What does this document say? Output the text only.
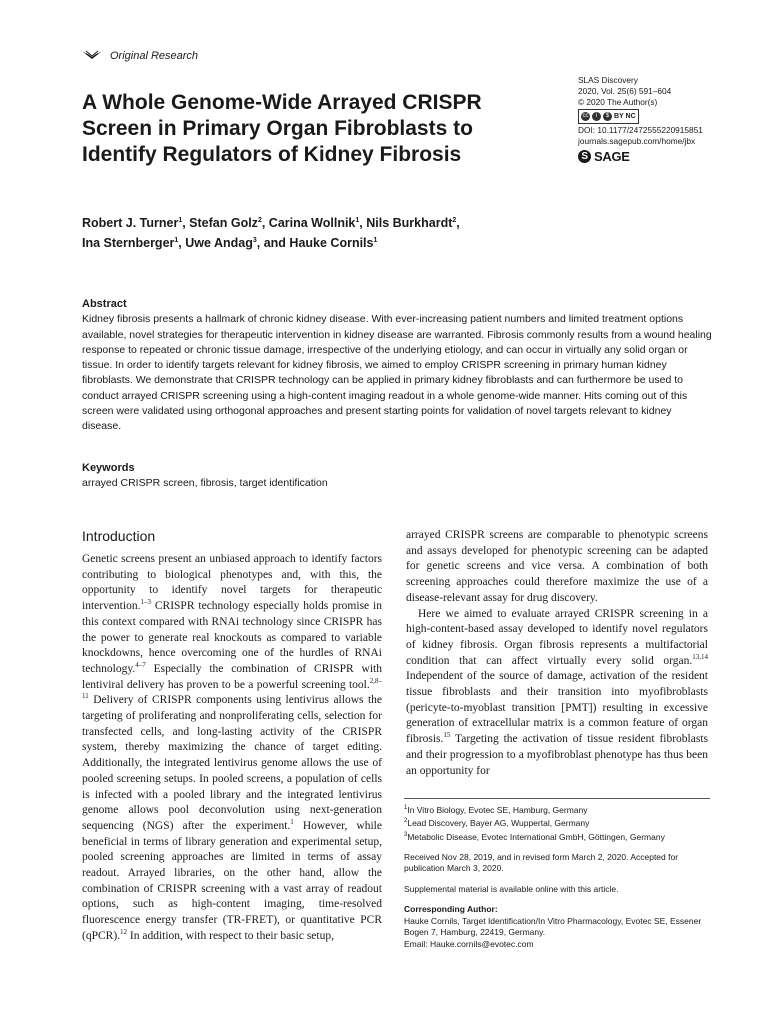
Original Research
A Whole Genome-Wide Arrayed CRISPR Screen in Primary Organ Fibroblasts to Identify Regulators of Kidney Fibrosis
SLAS Discovery
2020, Vol. 25(6) 591–604
© 2020 The Author(s)
cc	i	$ BY NC
DOI: 10.1177/2472555220915851
journals.sagepub.com/home/jbx
S SAGE
Robert J. Turner$^1$, Stefan Golz$^2$, Carina Wollnik$^1$, Nils Burkhardt$^2$,
Ina Sternberger$^1$, Uwe Andag$^3$, and Hauke Cornils$^1$
Abstract
Kidney fibrosis presents a hallmark of chronic kidney disease. With ever-increasing patient numbers and limited treatment options available, novel strategies for therapeutic intervention in kidney disease are warranted. Fibrosis commonly results from a wound healing response to repeated or chronic tissue damage, irrespective of the underlying etiology, and can occur in virtually any solid organ or tissue. In order to identify targets relevant for kidney fibrosis, we aimed to employ CRISPR screening in primary human kidney fibroblasts. We demonstrate that CRISPR technology can be applied in primary kidney fibroblasts and can furthermore be used to conduct arrayed CRISPR screening using a high-content imaging readout in a whole genome-wide manner. Hits coming out of this screen were validated using orthogonal approaches and present starting points for validation of novel targets relevant to kidney disease.
Keywords
arrayed CRISPR screen, fibrosis, target identification
Introduction

Genetic screens present an unbiased approach to identify factors contributing to biological phenotypes and, with this, the opportunity to identify novel targets for therapeutic intervention.$^{1-3}$ CRISPR technology especially holds promise in this context compared with RNAi technology since CRISPR has the power to generate real knockouts as compared to variable knockdowns, hence overcoming one of the hurdles of RNAi technology.$^{4-7}$ Especially the combination of CRISPR with lentiviral delivery has proven to be a powerful screening tool.$^{2,8-11}$ Delivery of CRISPR components using lentivirus allows the targeting of proliferating and nonproliferating cells, selection for transfected cells, and long-lasting activity of the CRISPR system, thereby maximizing the chance of target editing. Additionally, the integrated lentivirus genome allows the use of pooled screening setups. In pooled screens, a population of cells is infected with a pooled library and the integrated lentivirus genome allows pool deconvolution using next-generation sequencing (NGS) after the experiment.$^1$ However, while beneficial in terms of library generation and experimental setup, pooled screening approaches are limited in terms of assay readout. Arrayed libraries, on the other hand, allow the combination of CRISPR screening with a vast array of readout options, such as high-content imaging, time-resolved fluorescence energy transfer (TR-FRET), or quantitative PCR (qPCR).$^{12}$ In addition, with respect to their basic setup,

arrayed CRISPR screens are comparable to phenotypic screens and assays developed for phenotypic screening can be adapted for genetic screens and vice versa. A combination of both screening approaches could therefore maximize the use of a disease-relevant assay for drug discovery.

Here we aimed to evaluate arrayed CRISPR screening in a high-content-based assay developed to identify novel regulators of kidney fibrosis. Organ fibrosis represents a multifactorial condition that can affect virtually every solid organ.$^{13,14}$ Independent of the source of damage, activation of the resident tissue fibroblasts and their transition into myofibroblasts (pericyte-to-myoblast transition [PMT]) resulting in excessive generation of extracellular matrix is a common feature of organ fibrosis.$^{15}$ Targeting the activation of tissue resident fibroblasts and their progression to a myofibroblast phenotype has thus been an opportunity for

$^1$In Vitro Biology, Evotec SE, Hamburg, Germany
$^2$Lead Discovery, Bayer AG, Wuppertal, Germany
$^3$Metabolic Disease, Evotec International GmbH, Göttingen, Germany
Received Nov 28, 2019, and in revised form March 2, 2020. Accepted for publication March 3, 2020.
Supplemental material is available online with this article.
Corresponding Author:
Hauke Cornils, Target Identification/In Vitro Pharmacology, Evotec SE, Essener Bogen 7, Hamburg, 22419, Germany.
Email: Hauke.cornils@evotec.com
